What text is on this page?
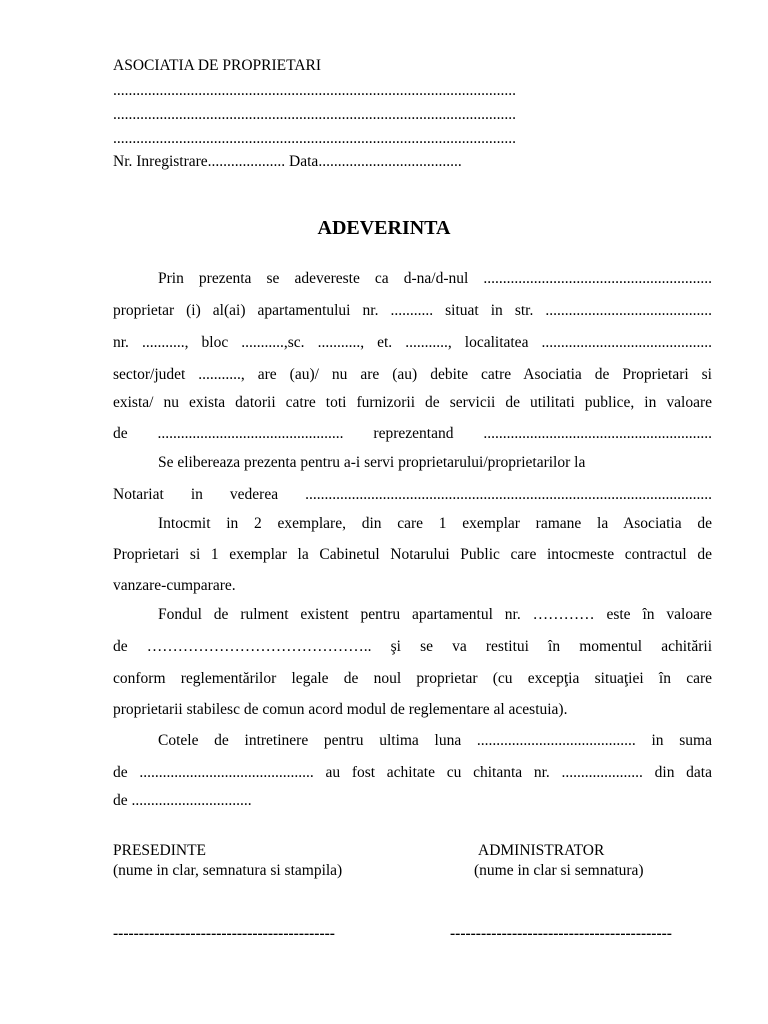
ASOCIATIA DE PROPRIETARI
........................................................................................................
........................................................................................................
........................................................................................................
Nr. Inregistrare.................... Data.....................................
ADEVERINTA
Prin prezenta se adevereste ca d-na/d-nul ...........................................................
proprietar (i) al(ai) apartamentului nr. ........... situat in str. ...........................................
nr. ..........., bloc ...........,sc. ..........., et. ..........., localitatea ............................................
sector/judet ..........., are (au)/ nu are (au) debite catre Asociatia de Proprietari si
exista/ nu exista datorii catre toti furnizorii de servicii de utilitati publice, in valoare
de ................................................ reprezentand ...........................................................
Se elibereaza prezenta pentru a-i servi proprietarului/proprietarilor la
Notariat in vederea .........................................................................................................
Intocmit in 2 exemplare, din care 1 exemplar ramane la Asociatia de
Proprietari si 1 exemplar la Cabinetul Notarului Public care intocmeste contractul de
vanzare-cumparare.
Fondul de rulment existent pentru apartamentul nr. ………… este în valoare
de …………………………………….. şi se va restitui în momentul achitării
conform reglementărilor legale de noul proprietar (cu excepţia situaţiei în care
proprietarii stabilesc de comun acord modul de reglementare al acestuia).
Cotele de intretinere pentru ultima luna ......................................... in suma
de ............................................. au fost achitate cu chitanta nr. ..................... din data
de ...............................
PRESEDINTE
(nume in clar, semnatura si stampila)
ADMINISTRATOR
(nume in clar si semnatura)
-------------------------------------------	-------------------------------------------
